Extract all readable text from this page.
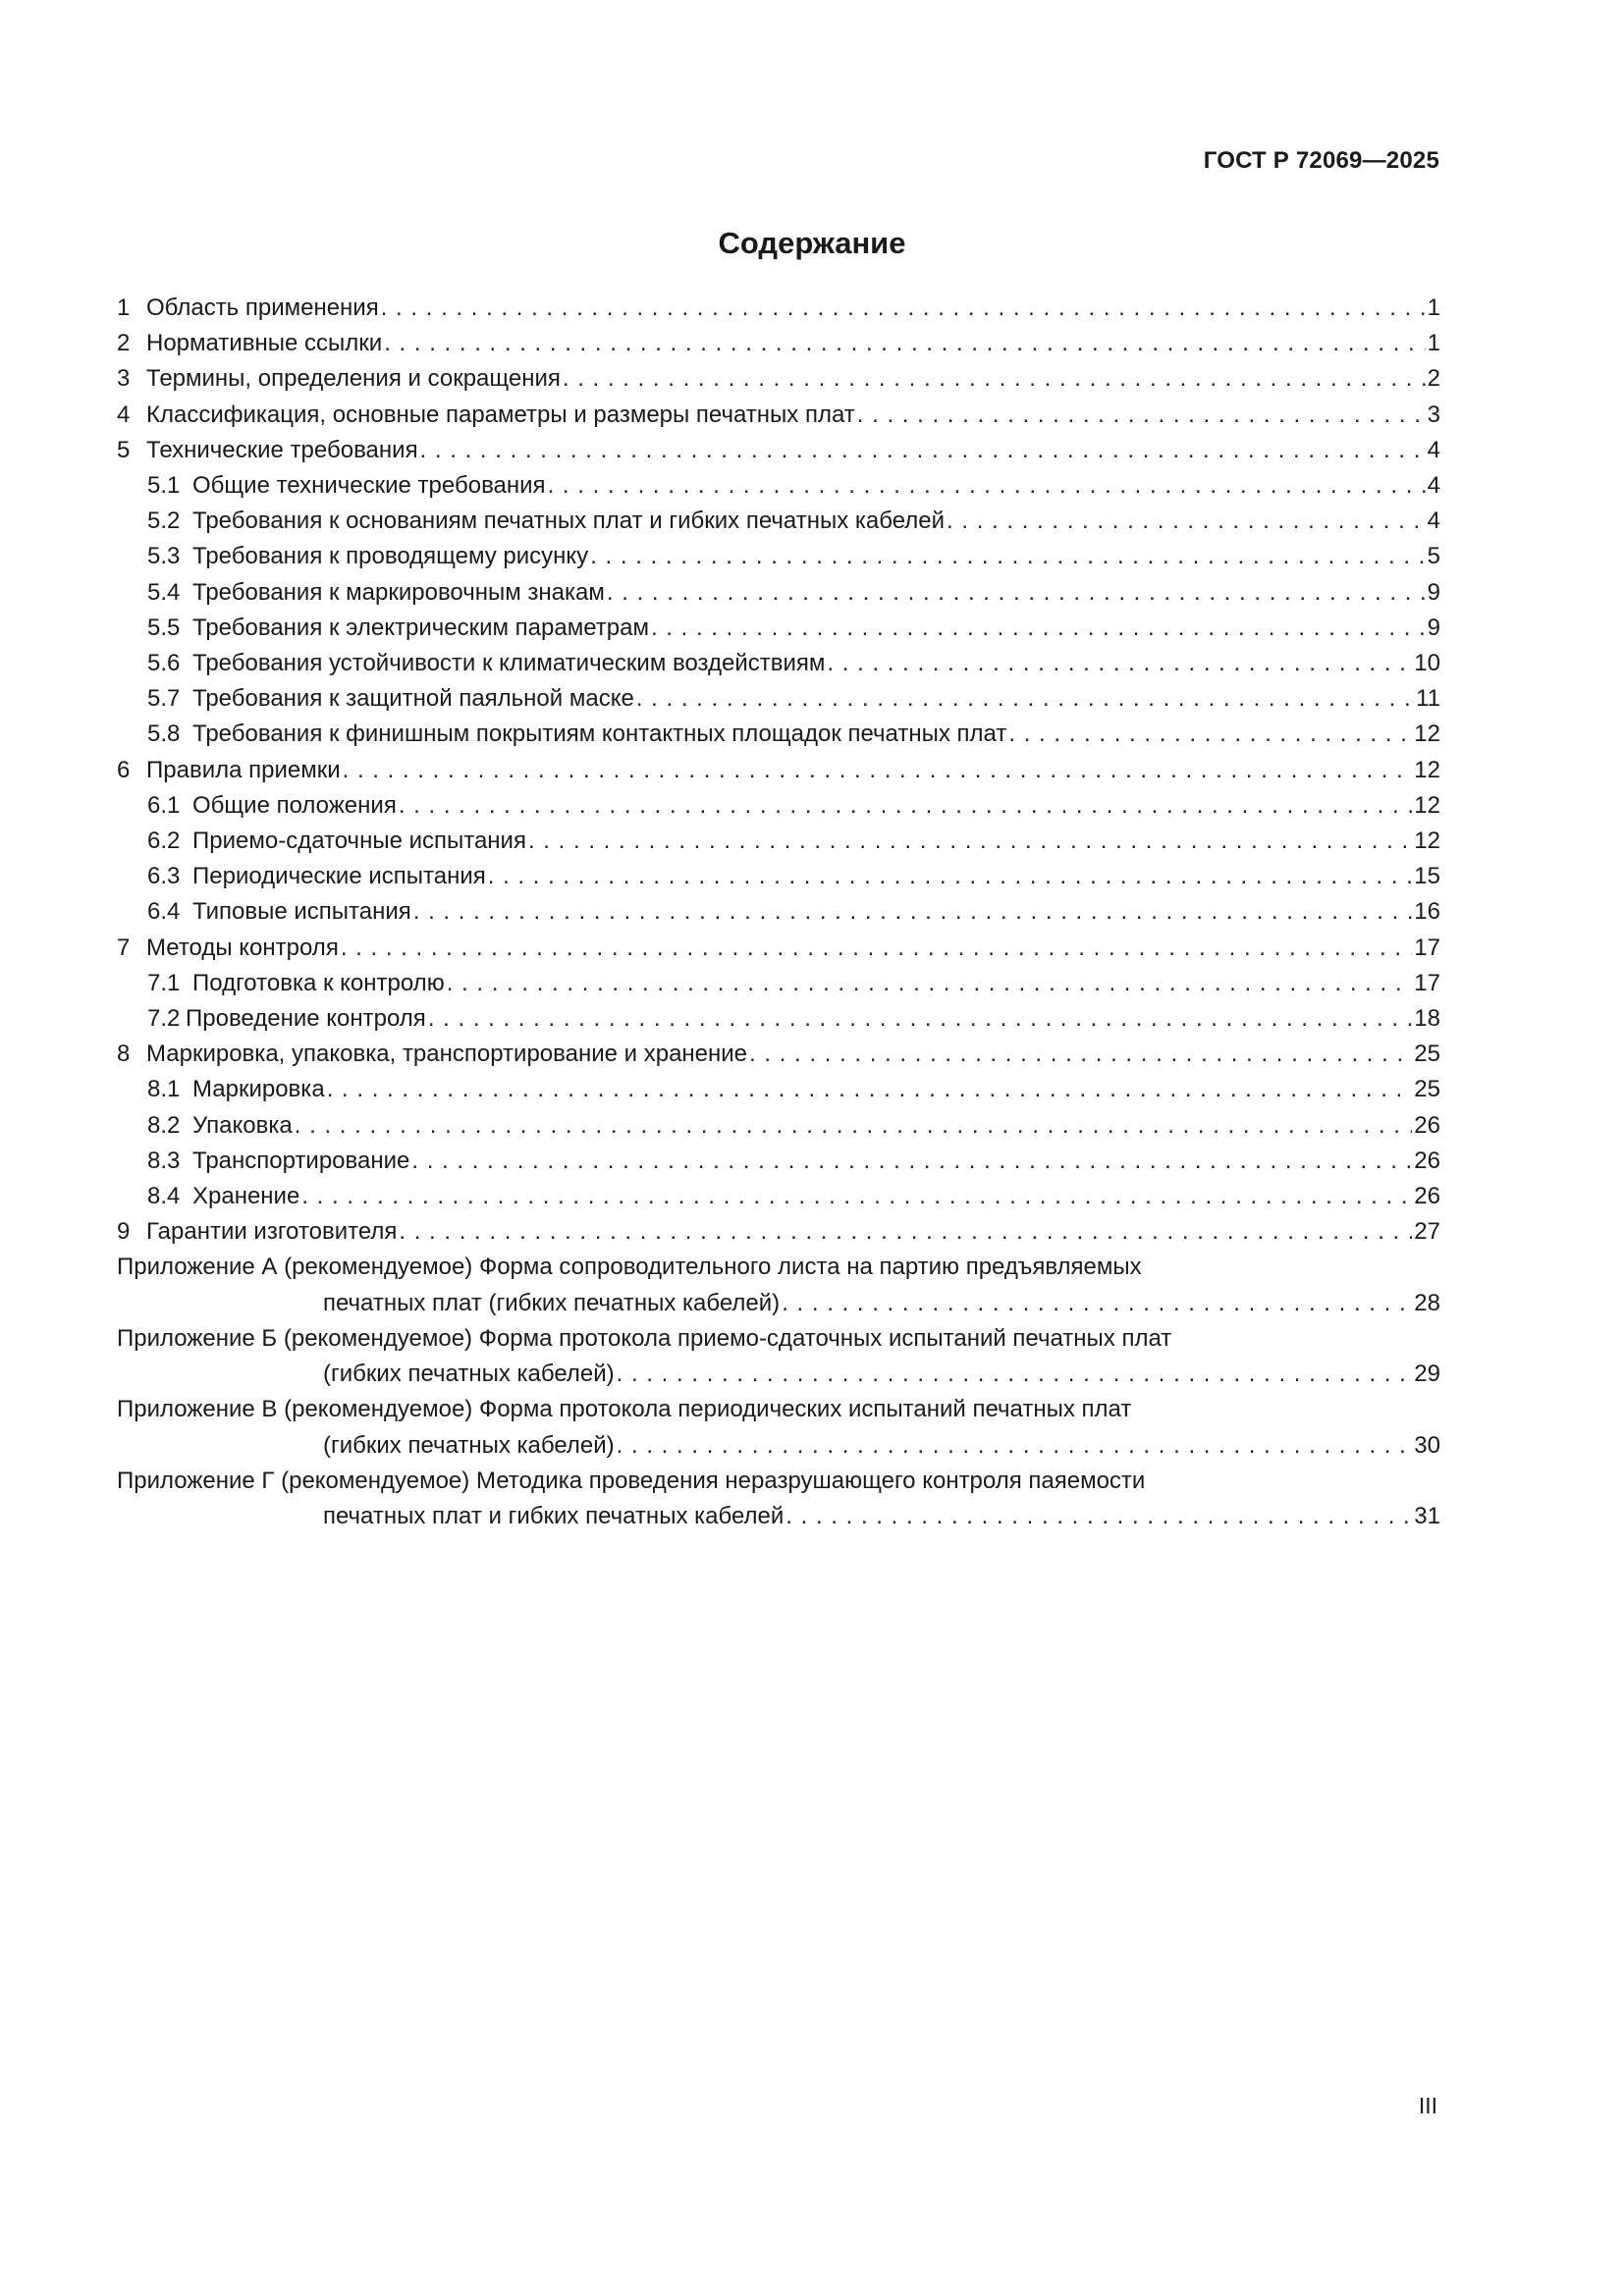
ГОСТ Р 72069—2025
Содержание
1 Область применения . . .	1
2 Нормативные ссылки . . .	1
3 Термины, определения и сокращения . . .	2
4 Классификация, основные параметры и размеры печатных плат . . .	3
5 Технические требования . . .	4
5.1 Общие технические требования . . .	4
5.2 Требования к основаниям печатных плат и гибких печатных кабелей . . .	4
5.3 Требования к проводящему рисунку . . .	5
5.4 Требования к маркировочным знакам . . .	9
5.5 Требования к электрическим параметрам . . .	9
5.6 Требования устойчивости к климатическим воздействиям . . .	10
5.7 Требования к защитной паяльной маске . . .	11
5.8 Требования к финишным покрытиям контактных площадок печатных плат . . .	12
6 Правила приемки . . .	12
6.1 Общие положения . . .	12
6.2 Приемо-сдаточные испытания . . .	12
6.3 Периодические испытания . . .	15
6.4 Типовые испытания . . .	16
7 Методы контроля . . .	17
7.1 Подготовка к контролю . . .	17
7.2 Проведение контроля . . .	18
8 Маркировка, упаковка, транспортирование и хранение . . .	25
8.1 Маркировка . . .	25
8.2 Упаковка . . .	26
8.3 Транспортирование . . .	26
8.4 Хранение . . .	26
9 Гарантии изготовителя . . .	27
Приложение А (рекомендуемое) Форма сопроводительного листа на партию предъявляемых
печатных плат (гибких печатных кабелей) . . .	28
Приложение Б (рекомендуемое) Форма протокола приемо-сдаточных испытаний печатных плат
(гибких печатных кабелей) . . .	29
Приложение В (рекомендуемое) Форма протокола периодических испытаний печатных плат
(гибких печатных кабелей) . . .	30
Приложение Г (рекомендуемое) Методика проведения неразрушающего контроля паяемости
печатных плат и гибких печатных кабелей . . .	31
III
